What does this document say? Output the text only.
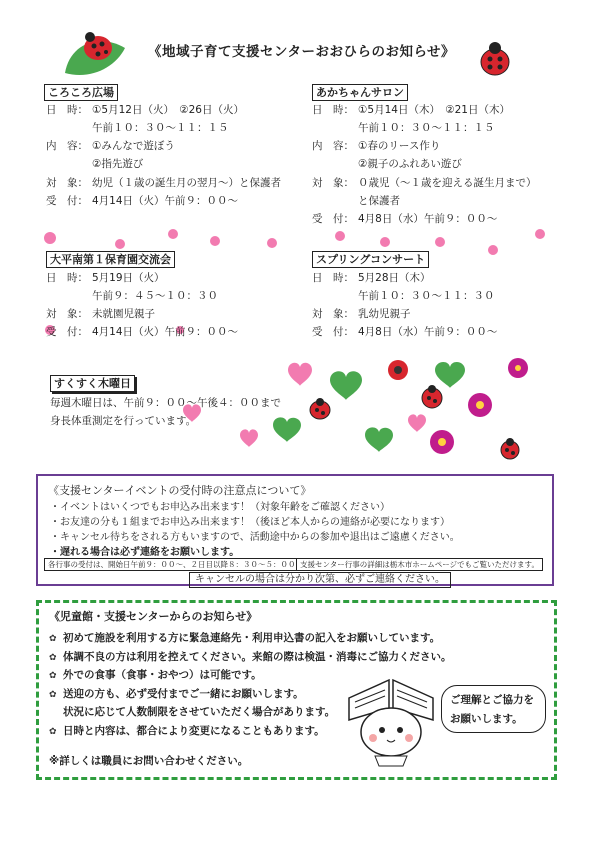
《地域子育て支援センターおおひらのお知らせ》
ころころ広場
日　時： ①5月12日（火）　②26日（火）
午前１０：３０～１１：１５
内　容： ①みんなで遊ぼう
②指先遊び
対　象： 幼児（１歳の誕生月の翌月～）と保護者
受　付： 4月14日（火）午前９：００～
あかちゃんサロン
日　時： ①5月14日（木）　②21日（木）
午前１０：３０～１１：１５
内　容： ①春のリース作り
②親子のふれあい遊び
対　象： ０歳児（～１歳を迎える誕生月まで）
と保護者
受　付： 4月8日（水）午前９：００～
大平南第１保育園交流会
日　時： 5月19日（火）
午前９：４５～１０：３０
対　象： 未就園児親子
受　付： 4月14日（火）午前９：００～
スプリングコンサート
日　時： 5月28日（木）
午前１０：３０～１１：３０
対　象： 乳幼児親子
受　付： 4月8日（水）午前９：００～
すくすく木曜日
毎週木曜日は、午前９：００～午後４：００まで
身長体重測定を行っています。
《支援センターイベントの受付時の注意点について》
・イベントはいくつでもお申込み出来ます！（対象年齢をご確認ください）
・お友達の分も１組までお申込み出来ます！（後ほど本人からの連絡が必要になります）
・キャンセル待ちをされる方もいますので、活動途中からの参加や退出はご遠慮ください。
・遅れる場合は必ず連絡をお願いします。
各行事の受付は、開始日午前９：００～、２日目以降８：３０～５：００ 支援センター行事の詳細は栃木市ホームページでもご覧いただけます。
キャンセルの場合は分かり次第、必ずご連絡ください。
《児童館・支援センターからのお知らせ》
✿ 初めて施設を利用する方に緊急連絡先・利用申込書の記入をお願いしています。
✿ 体調不良の方は利用を控えてください。来館の際は検温・消毒にご協力ください。
✿ 外での食事（食事・おやつ）は可能です。
✿ 送迎の方も、必ず受付までご一緒にお願いします。
状況に応じて人数制限をさせていただく場合があります。
✿ 日時と内容は、都合により変更になることもあります。
※詳しくは職員にお問い合わせください。
ご理解とご協力を
お願いします。
